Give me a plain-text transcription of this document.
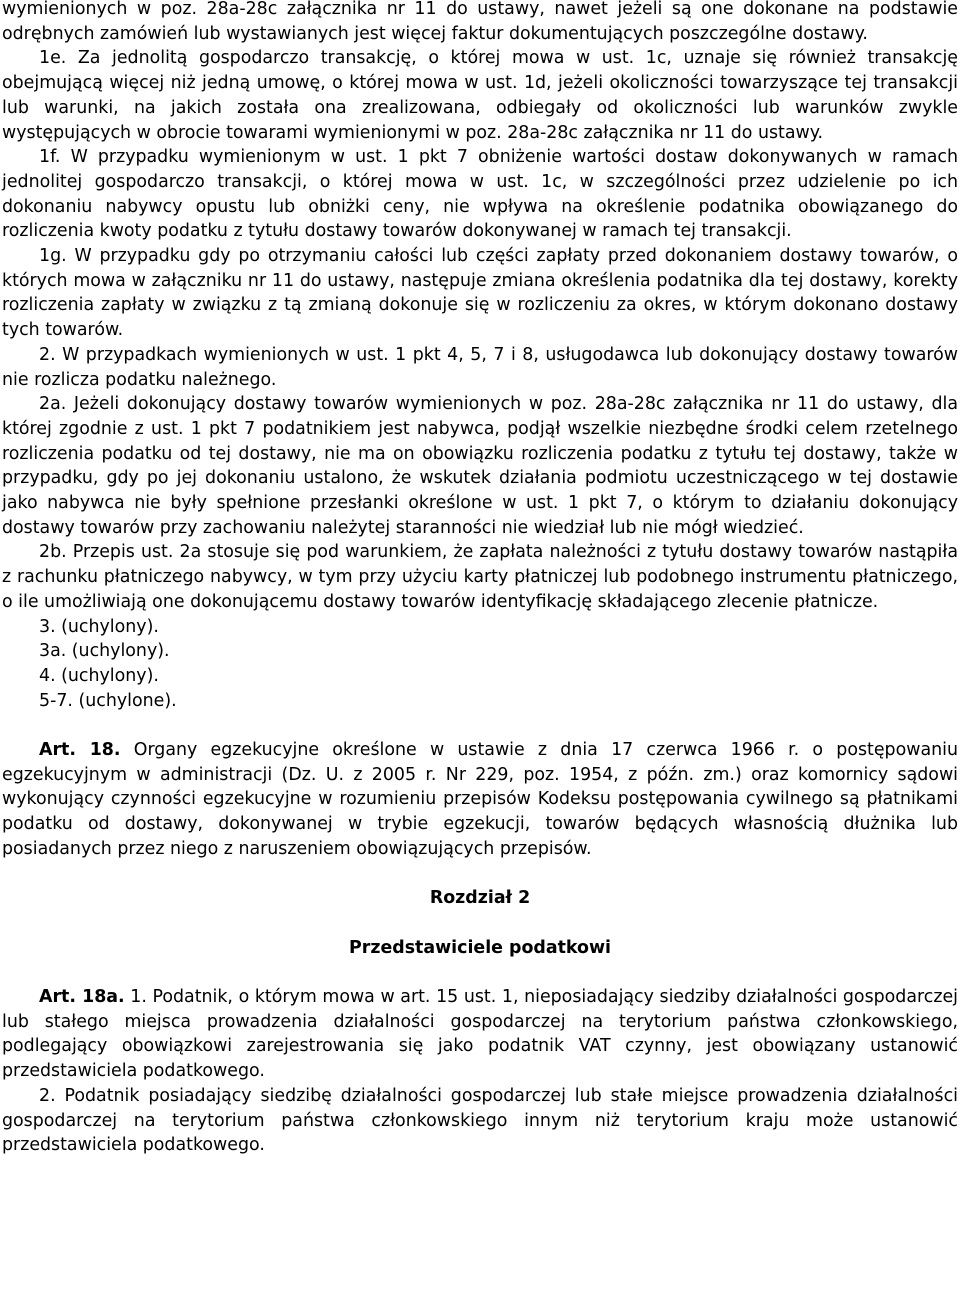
wymienionych w poz. 28a-28c załącznika nr 11 do ustawy, nawet jeżeli są one dokonane na podstawie odrębnych zamówień lub wystawianych jest więcej faktur dokumentujących poszczególne dostawy.

1e. Za jednolitą gospodarczo transakcję, o której mowa w ust. 1c, uznaje się również transakcję obejmującą więcej niż jedną umowę, o której mowa w ust. 1d, jeżeli okoliczności towarzyszące tej transakcji lub warunki, na jakich została ona zrealizowana, odbiegały od okoliczności lub warunków zwykle występujących w obrocie towarami wymienionymi w poz. 28a-28c załącznika nr 11 do ustawy.

1f. W przypadku wymienionym w ust. 1 pkt 7 obniżenie wartości dostaw dokonywanych w ramach jednolitej gospodarczo transakcji, o której mowa w ust. 1c, w szczególności przez udzielenie po ich dokonaniu nabywcy opustu lub obniżki ceny, nie wpływa na określenie podatnika obowiązanego do rozliczenia kwoty podatku z tytułu dostawy towarów dokonywanej w ramach tej transakcji.

1g. W przypadku gdy po otrzymaniu całości lub części zapłaty przed dokonaniem dostawy towarów, o których mowa w załączniku nr 11 do ustawy, następuje zmiana określenia podatnika dla tej dostawy, korekty rozliczenia zapłaty w związku z tą zmianą dokonuje się w rozliczeniu za okres, w którym dokonano dostawy tych towarów.

2. W przypadkach wymienionych w ust. 1 pkt 4, 5, 7 i 8, usługodawca lub dokonujący dostawy towarów nie rozlicza podatku należnego.

2a. Jeżeli dokonujący dostawy towarów wymienionych w poz. 28a-28c załącznika nr 11 do ustawy, dla której zgodnie z ust. 1 pkt 7 podatnikiem jest nabywca, podjął wszelkie niezbędne środki celem rzetelnego rozliczenia podatku od tej dostawy, nie ma on obowiązku rozliczenia podatku z tytułu tej dostawy, także w przypadku, gdy po jej dokonaniu ustalono, że wskutek działania podmiotu uczestniczącego w tej dostawie jako nabywca nie były spełnione przesłanki określone w ust. 1 pkt 7, o którym to działaniu dokonujący dostawy towarów przy zachowaniu należytej staranności nie wiedział lub nie mógł wiedzieć.

2b. Przepis ust. 2a stosuje się pod warunkiem, że zapłata należności z tytułu dostawy towarów nastąpiła z rachunku płatniczego nabywcy, w tym przy użyciu karty płatniczej lub podobnego instrumentu płatniczego, o ile umożliwiają one dokonującemu dostawy towarów identyfikację składającego zlecenie płatnicze.

3. (uchylony).

3a. (uchylony).

4. (uchylony).

5-7. (uchylone).

Art. 18. Organy egzekucyjne określone w ustawie z dnia 17 czerwca 1966 r. o postępowaniu egzekucyjnym w administracji (Dz. U. z 2005 r. Nr 229, poz. 1954, z późn. zm.) oraz komornicy sądowi wykonujący czynności egzekucyjne w rozumieniu przepisów Kodeksu postępowania cywilnego są płatnikami podatku od dostawy, dokonywanej w trybie egzekucji, towarów będących własnością dłużnika lub posiadanych przez niego z naruszeniem obowiązujących przepisów.

Rozdział 2
Przedstawiciele podatkowi

Art. 18a. 1. Podatnik, o którym mowa w art. 15 ust. 1, nieposiadający siedziby działalności gospodarczej lub stałego miejsca prowadzenia działalności gospodarczej na terytorium państwa członkowskiego, podlegający obowiązkowi zarejestrowania się jako podatnik VAT czynny, jest obowiązany ustanowić przedstawiciela podatkowego.

2. Podatnik posiadający siedzibę działalności gospodarczej lub stałe miejsce prowadzenia działalności gospodarczej na terytorium państwa członkowskiego innym niż terytorium kraju może ustanowić przedstawiciela podatkowego.
